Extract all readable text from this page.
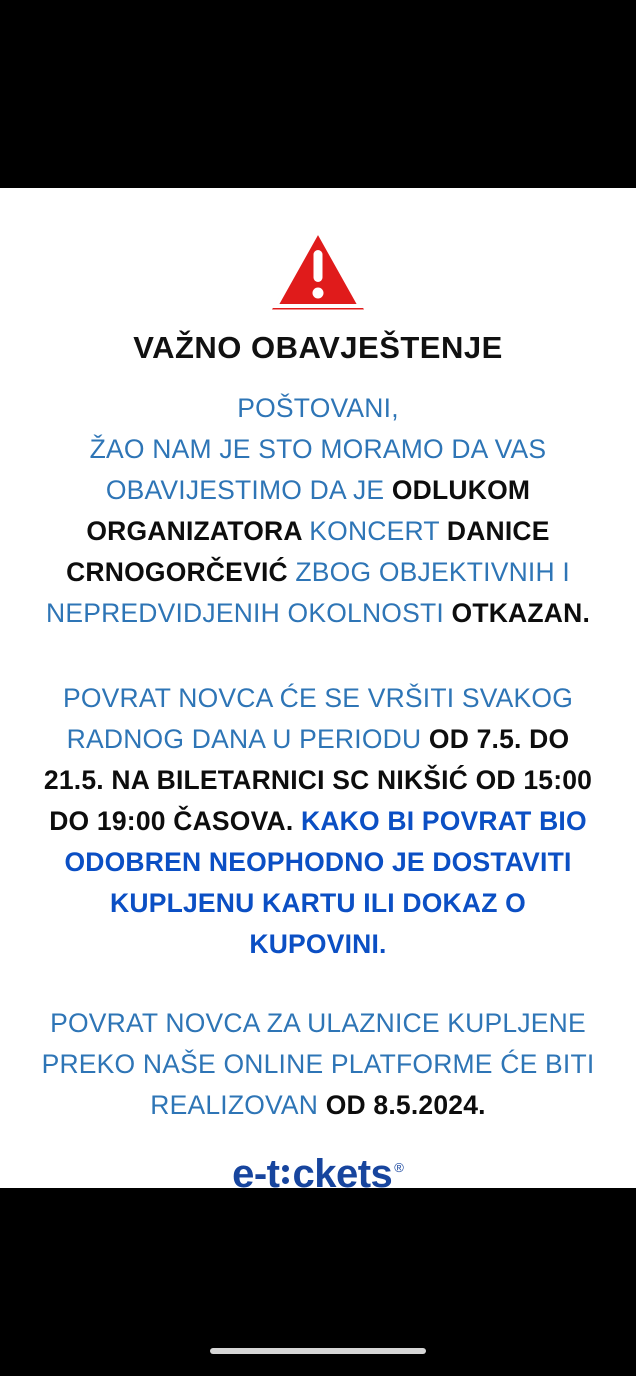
VAŽNO OBAVJEŠTENJE
POŠTOVANI,
ŽAO NAM JE STO MORAMO DA VAS OBAVIJESTIMO DA JE ODLUKOM ORGANIZATORA KONCERT DANICE CRNOGORČEVIĆ ZBOG OBJEKTIVNIH I NEPREDVIDJENIH OKOLNOSTI OTKAZAN.
POVRAT NOVCA ĆE SE VRŠITI SVAKOG RADNOG DANA U PERIODU OD 7.5. DO 21.5. NA BILETARNICI SC NIKŠIĆ OD 15:00 DO 19:00 ČASOVA. KAKO BI POVRAT BIO ODOBREN NEOPHODNO JE DOSTAVITI KUPLJENU KARTU ILI DOKAZ O KUPOVINI.
POVRAT NOVCA ZA ULAZNICE KUPLJENE PREKO NAŠE ONLINE PLATFORME ĆE BITI REALIZOVAN OD 8.5.2024.
e-t ckets ®
